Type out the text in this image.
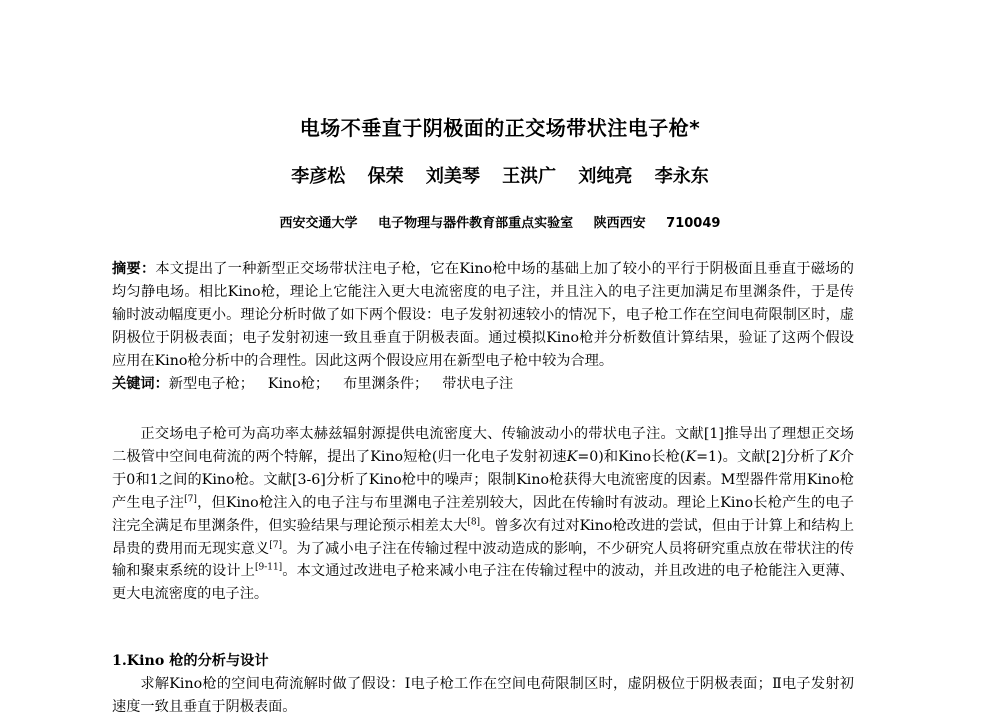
电场不垂直于阴极面的正交场带状注电子枪*
李彦松 保荣 刘美琴 王洪广 刘纯亮 李永东
西安交通大学 电子物理与器件教育部重点实验室 陕西西安 710049

摘要：本文提出了一种新型正交场带状注电子枪，它在Kino枪中场的基础上加了较小的平行于阴极面且垂直于磁场的均匀静电场。相比Kino枪，理论上它能注入更大电流密度的电子注，并且注入的电子注更加满足布里渊条件，于是传输时波动幅度更小。理论分析时做了如下两个假设：电子发射初速较小的情况下，电子枪工作在空间电荷限制区时，虚阴极位于阴极表面；电子发射初速一致且垂直于阴极表面。通过模拟Kino枪并分析数值计算结果，验证了这两个假设应用在Kino枪分析中的合理性。因此这两个假设应用在新型电子枪中较为合理。

关键词：新型电子枪； Kino枪； 布里渊条件； 带状电子注

正交场电子枪可为高功率太赫兹辐射源提供电流密度大、传输波动小的带状电子注。文献[1]推导出了理想正交场二极管中空间电荷流的两个特解，提出了Kino短枪(归一化电子发射初速K=0)和Kino长枪(K=1)。文献[2]分析了K介于0和1之间的Kino枪。文献[3-6]分析了Kino枪中的噪声；限制Kino枪获得大电流密度的因素。M型器件常用Kino枪产生电子注[7]，但Kino枪注入的电子注与布里渊电子注差别较大，因此在传输时有波动。理论上Kino长枪产生的电子注完全满足布里渊条件，但实验结果与理论预示相差太大[8]。曾多次有过对Kino枪改进的尝试，但由于计算上和结构上昂贵的费用而无现实意义[7]。为了减小电子注在传输过程中波动造成的影响，不少研究人员将研究重点放在带状注的传输和聚束系统的设计上[9-11]。本文通过改进电子枪来减小电子注在传输过程中的波动，并且改进的电子枪能注入更薄、更大电流密度的电子注。

1.Kino 枪的分析与设计

求解Kino枪的空间电荷流解时做了假设：Ⅰ电子枪工作在空间电荷限制区时，虚阴极位于阴极表面；Ⅱ电子发射初速度一致且垂直于阴极表面。
